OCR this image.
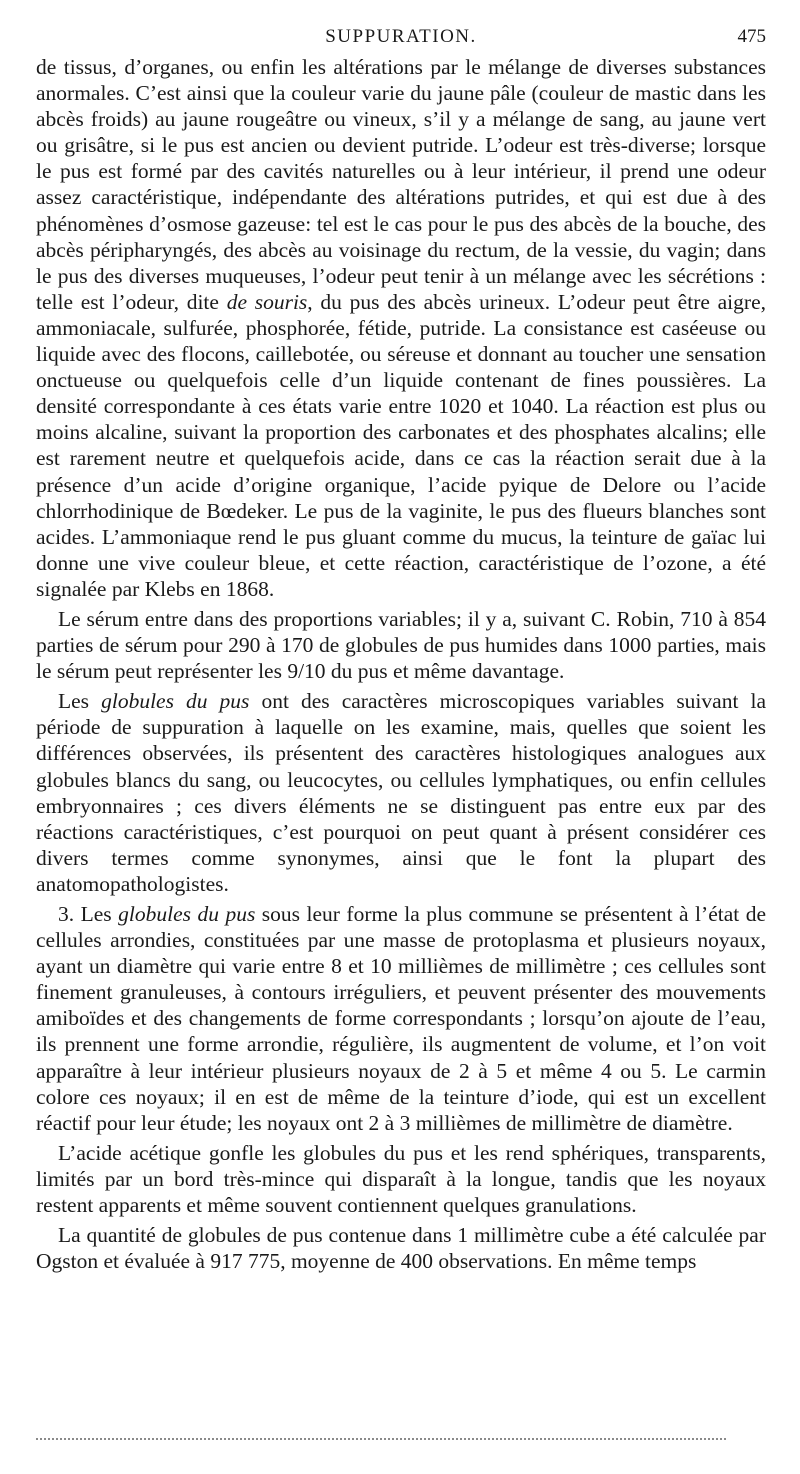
SUPPURATION.	475

de tissus, d’organes, ou enfin les altérations par le mélange de diverses substances anormales. C’est ainsi que la couleur varie du jaune pâle (couleur de mastic dans les abcès froids) au jaune rougeâtre ou vineux, s’il y a mélange de sang, au jaune vert ou grisâtre, si le pus est ancien ou devient putride. L’odeur est très-diverse; lorsque le pus est formé par des cavités naturelles ou à leur intérieur, il prend une odeur assez caractéristique, indépendante des altérations putrides, et qui est due à des phénomènes d’osmose gazeuse: tel est le cas pour le pus des abcès de la bouche, des abcès péripharyngés, des abcès au voisinage du rectum, de la vessie, du vagin; dans le pus des diverses muqueuses, l’odeur peut tenir à un mélange avec les sécrétions : telle est l’odeur, dite de souris, du pus des abcès urineux. L’odeur peut être aigre, ammoniacale, sulfurée, phosphorée, fétide, putride. La consistance est caséeuse ou liquide avec des flocons, caillebotée, ou séreuse et donnant au toucher une sensation onctueuse ou quelquefois celle d’un liquide contenant de fines poussières. La densité correspondante à ces états varie entre 1020 et 1040. La réaction est plus ou moins alcaline, suivant la proportion des carbonates et des phosphates alcalins; elle est rarement neutre et quelquefois acide, dans ce cas la réaction serait due à la présence d’un acide d’origine organique, l’acide pyique de Delore ou l’acide chlorrhodinique de Bœdeker. Le pus de la vaginite, le pus des flueurs blanches sont acides. L’ammoniaque rend le pus gluant comme du mucus, la teinture de gaïac lui donne une vive couleur bleue, et cette réaction, caractéristique de l’ozone, a été signalée par Klebs en 1868.

Le sérum entre dans des proportions variables; il y a, suivant C. Robin, 710 à 854 parties de sérum pour 290 à 170 de globules de pus humides dans 1000 parties, mais le sérum peut représenter les 9/10 du pus et même davantage.

Les globules du pus ont des caractères microscopiques variables suivant la période de suppuration à laquelle on les examine, mais, quelles que soient les différences observées, ils présentent des caractères histologiques analogues aux globules blancs du sang, ou leucocytes, ou cellules lymphatiques, ou enfin cellules embryonnaires ; ces divers éléments ne se distinguent pas entre eux par des réactions caractéristiques, c’est pourquoi on peut quant à présent considérer ces divers termes comme synonymes, ainsi que le font la plupart des anatomopathologistes.

3. Les globules du pus sous leur forme la plus commune se présentent à l’état de cellules arrondies, constituées par une masse de protoplasma et plusieurs noyaux, ayant un diamètre qui varie entre 8 et 10 millièmes de millimètre ; ces cellules sont finement granuleuses, à contours irréguliers, et peuvent présenter des mouvements amiboïdes et des changements de forme correspondants ; lorsqu’on ajoute de l’eau, ils prennent une forme arrondie, régulière, ils augmentent de volume, et l’on voit apparaître à leur intérieur plusieurs noyaux de 2 à 5 et même 4 ou 5. Le carmin colore ces noyaux; il en est de même de la teinture d’iode, qui est un excellent réactif pour leur étude; les noyaux ont 2 à 3 millièmes de millimètre de diamètre.

L’acide acétique gonfle les globules du pus et les rend sphériques, transparents, limités par un bord très-mince qui disparaît à la longue, tandis que les noyaux restent apparents et même souvent contiennent quelques granulations.

La quantité de globules de pus contenue dans 1 millimètre cube a été calculée par Ogston et évaluée à 917 775, moyenne de 400 observations. En même temps
